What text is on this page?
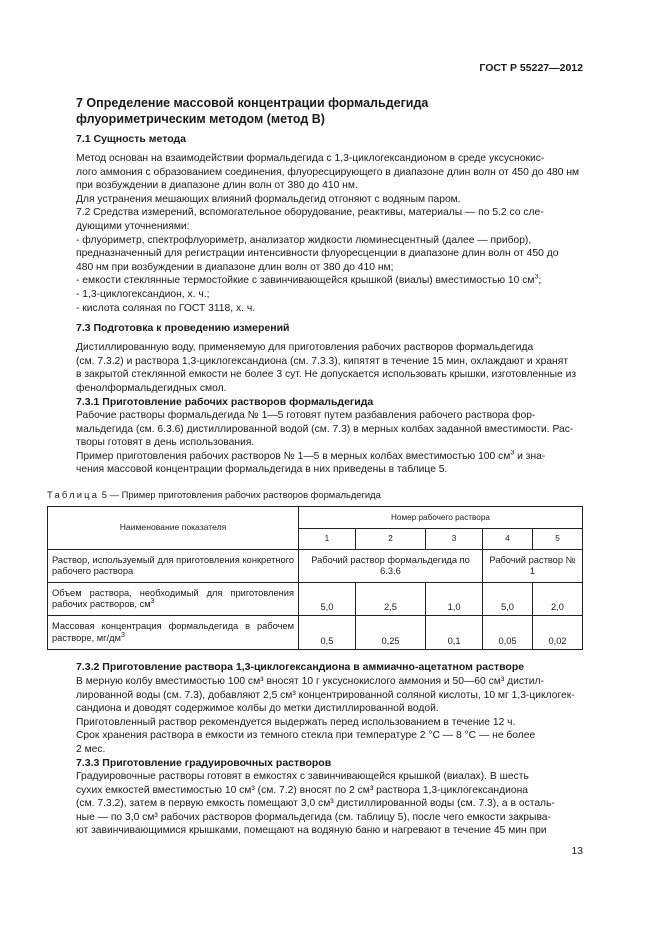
ГОСТ Р 55227—2012
7 Определение массовой концентрации формальдегида
флуориметрическим методом (метод В)
7.1 Сущность метода
Метод основан на взаимодействии формальдегида с 1,3-циклогександионом в среде уксуснокис-
лого аммония с образованием соединения, флуоресцирующего в диапазоне длин волн от 450 до 480 нм
при возбуждении в диапазоне длин волн от 380 до 410 нм.
Для устранения мешающих влияний формальдегид отгоняют с водяным паром.
7.2 Средства измерений, вспомогательное оборудование, реактивы, материалы — по 5.2 со сле-
дующими уточнениями:
- флуориметр, спектрофлуориметр, анализатор жидкости люминесцентный (далее — прибор),
предназначенный для регистрации интенсивности флуоресценции в диапазоне длин волн от 450 до
480 нм при возбуждении в диапазоне длин волн от 380 до 410 нм;
- емкости стеклянные термостойкие с завинчивающейся крышкой (виалы) вместимостью 10 $см^3$;
- 1,3-циклогександион, х. ч.;
- кислота соляная по ГОСТ 3118, х. ч.
7.3 Подготовка к проведению измерений
Дистиллированную воду, применяемую для приготовления рабочих растворов формальдегида
(см. 7.3.2) и раствора 1,3-циклогександиона (см. 7.3.3), кипятят в течение 15 мин, охлаждают и хранят
в закрытой стеклянной емкости не более 3 сут. Не допускается использовать крышки, изготовленные из
фенолформальдегидных смол.
7.3.1 Приготовление рабочих растворов формальдегида
Рабочие растворы формальдегида № 1—5 готовят путем разбавления рабочего раствора фор-
мальдегида (см. 6.3.6) дистиллированной водой (см. 7.3) в мерных колбах заданной вместимости. Рас-
творы готовят в день использования.
Пример приготовления рабочих растворов № 1—5 в мерных колбах вместимостью 100 $см^3$ и зна-
чения массовой концентрации формальдегида в них приведены в таблице 5.
Таблица 5 — Пример приготовления рабочих растворов формальдегида
Наименование показателя	Номер рабочего раствора				
	1	2	3	4	5
Раствор, используемый для приготовления конкретного рабочего раствора	Рабочий раствор формальдегида по 6.3.6			Рабочий раствор № 1	
Объем раствора, необходимый для приготовления рабочих растворов, $см^3$	5,0	2,5	1,0	5,0	2,0
Массовая концентрация формальдегида в рабочем растворе, $мг/дм^3$	0,5	0,25	0,1	0,05	0,02
7.3.2 Приготовление раствора 1,3-циклогександиона в аммиачно-ацетатном растворе
В мерную колбу вместимостью 100 см³ вносят 10 г уксуснокислого аммония и 50—60 см³ дистил-
лированной воды (см. 7.3), добавляют 2,5 см³ концентрированной соляной кислоты, 10 мг 1,3-циклогек-
сандиона и доводят содержимое колбы до метки дистиллированной водой.
Приготовленный раствор рекомендуется выдержать перед использованием в течение 12 ч.
Срок хранения раствора в емкости из темного стекла при температуре 2 °С — 8 °С — не более
2 мес.
7.3.3 Приготовление градуировочных растворов
Градуировочные растворы готовят в емкостях с завинчивающейся крышкой (виалах). В шесть
сухих емкостей вместимостью 10 см³ (см. 7.2) вносят по 2 см³ раствора 1,3-циклогександиона
(см. 7.3.2), затем в первую емкость помещают 3,0 см³ дистиллированной воды (см. 7.3), а в осталь-
ные — по 3,0 см³ рабочих растворов формальдегида (см. таблицу 5), после чего емкости закрыва-
ют завинчивающимися крышками, помещают на водяную баню и нагревают в течение 45 мин при
13
